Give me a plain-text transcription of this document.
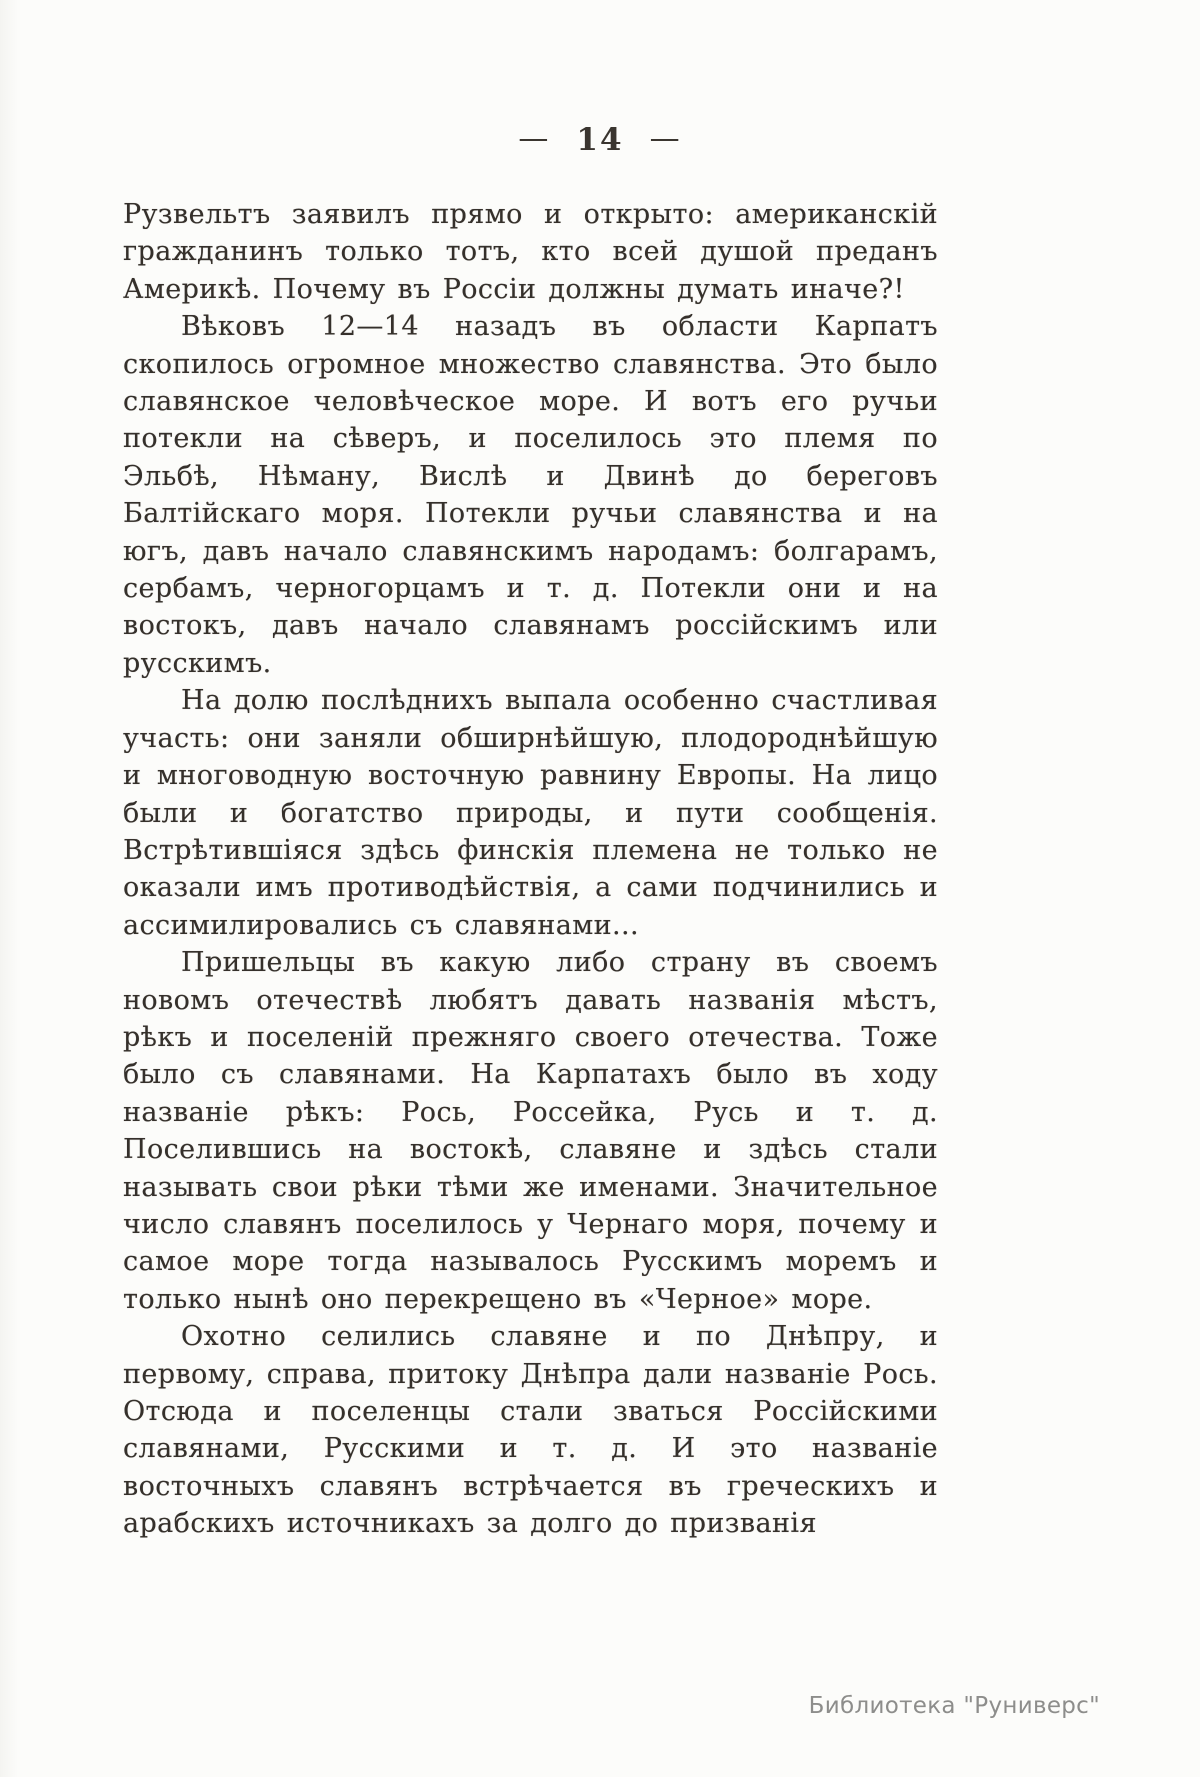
— 14 —

Рузвельтъ заявилъ прямо и открыто: американскій гражданинъ только тотъ, кто всей душой преданъ Америкѣ. Почему въ Россіи должны думать иначе?!

Вѣковъ 12—14 назадъ въ области Карпатъ скопилось огромное множество славянства. Это было славянское человѣческое море. И вотъ его ручьи потекли на сѣверъ, и поселилось это племя по Эльбѣ, Нѣману, Вислѣ и Двинѣ до береговъ Балтійскаго моря. Потекли ручьи славянства и на югъ, давъ начало славянскимъ народамъ: болгарамъ, сербамъ, черногорцамъ и т. д. Потекли они и на востокъ, давъ начало славянамъ россійскимъ или русскимъ.

На долю послѣднихъ выпала особенно счастливая участь: они заняли обширнѣйшую, плодороднѣйшую и многоводную восточную равнину Европы. На лицо были и богатство природы, и пути сообщенія. Встрѣтившіяся здѣсь финскія племена не только не оказали имъ противодѣйствія, а сами подчинились и ассимилировались съ славянами...

Пришельцы въ какую либо страну въ своемъ новомъ отечествѣ любятъ давать названія мѣстъ, рѣкъ и поселеній прежняго своего отечества. Тоже было съ славянами. На Карпатахъ было въ ходу названіе рѣкъ: Рось, Россейка, Русь и т. д. Поселившись на востокѣ, славяне и здѣсь стали называть свои рѣки тѣми же именами. Значительное число славянъ поселилось у Чернаго моря, почему и самое море тогда называлось Русскимъ моремъ и только нынѣ оно перекрещено въ «Черное» море.

Охотно селились славяне и по Днѣпру, и первому, справа, притоку Днѣпра дали названіе Рось. Отсюда и поселенцы стали зваться Россійскими славянами, Русскими и т. д. И это названіе восточныхъ славянъ встрѣчается въ греческихъ и арабскихъ источникахъ за долго до призванія

Библиотека "Руниверс"
